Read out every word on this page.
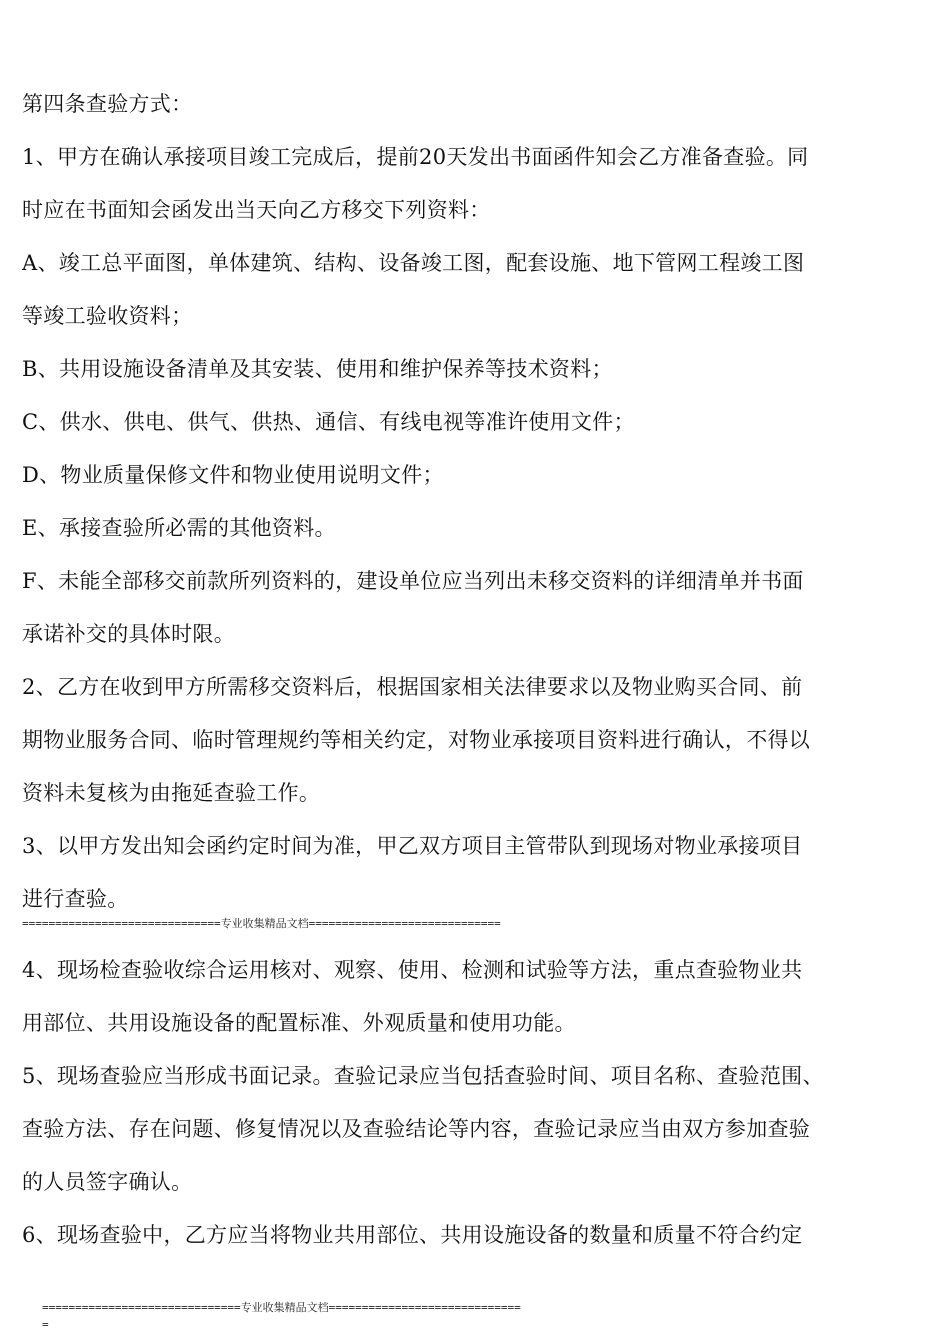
第四条查验方式：
1、甲方在确认承接项目竣工完成后，提前20天发出书面函件知会乙方准备查验。同
时应在书面知会函发出当天向乙方移交下列资料：
A、竣工总平面图，单体建筑、结构、设备竣工图，配套设施、地下管网工程竣工图
等竣工验收资料；
B、共用设施设备清单及其安装、使用和维护保养等技术资料；
C、供水、供电、供气、供热、通信、有线电视等准许使用文件；
D、物业质量保修文件和物业使用说明文件；
E、承接查验所必需的其他资料。
F、未能全部移交前款所列资料的，建设单位应当列出未移交资料的详细清单并书面
承诺补交的具体时限。
2、乙方在收到甲方所需移交资料后，根据国家相关法律要求以及物业购买合同、前
期物业服务合同、临时管理规约等相关约定，对物业承接项目资料进行确认，不得以
资料未复核为由拖延查验工作。
3、以甲方发出知会函约定时间为准，甲乙双方项目主管带队到现场对物业承接项目
进行查验。
==============================专业收集精品文档=============================
4、现场检查验收综合运用核对、观察、使用、检测和试验等方法，重点查验物业共
用部位、共用设施设备的配置标准、外观质量和使用功能。
5、现场查验应当形成书面记录。查验记录应当包括查验时间、项目名称、查验范围、
查验方法、存在问题、修复情况以及查验结论等内容，查验记录应当由双方参加查验
的人员签字确认。
6、现场查验中，乙方应当将物业共用部位、共用设施设备的数量和质量不符合约定
==============================专业收集精品文档=============================
=
